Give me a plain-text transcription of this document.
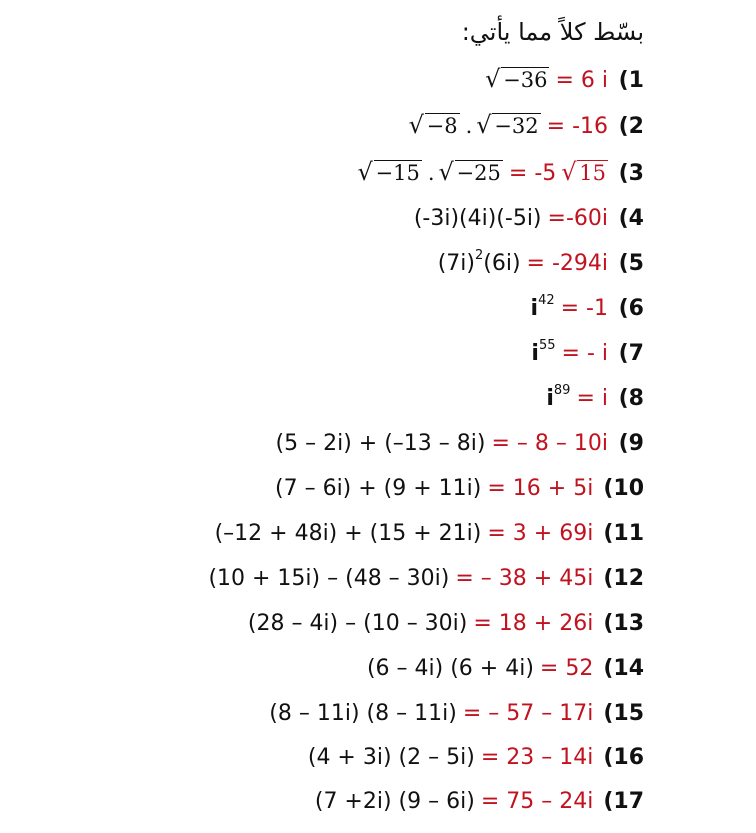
بسّط كلاً مما يأتي:
√ −36 = 6 i (1
√ −8 .	√ −32 = -16 (2
√ −15 .	√ −25 = -5 √ 15 (3
(-3i)(4i)(-5i) =-60i (4
$(7i)^2(6i) = -294i$ (5
$i^{42} = -1$ (6
$i^{55}$ = - i (7
$i^{89} = i$ (8
(5 – 2i) + (–13 – 8i) = – 8 – 10i (9
(7 – 6i) + (9 + 11i) = 16 + 5i (10
(–12 + 48i) + (15 + 21i) = 3 + 69i (11
(10 + 15i) – (48 – 30i) = – 38 + 45i (12
(28 – 4i) – (10 – 30i) = 18 + 26i (13
(6 – 4i) (6 + 4i) = 52 (14
(8 – 11i) (8 – 11i) = – 57 – 17i (15
(4 + 3i) (2 – 5i) = 23 – 14i (16
(7 +2i) (9 – 6i) = 75 – 24i (17
